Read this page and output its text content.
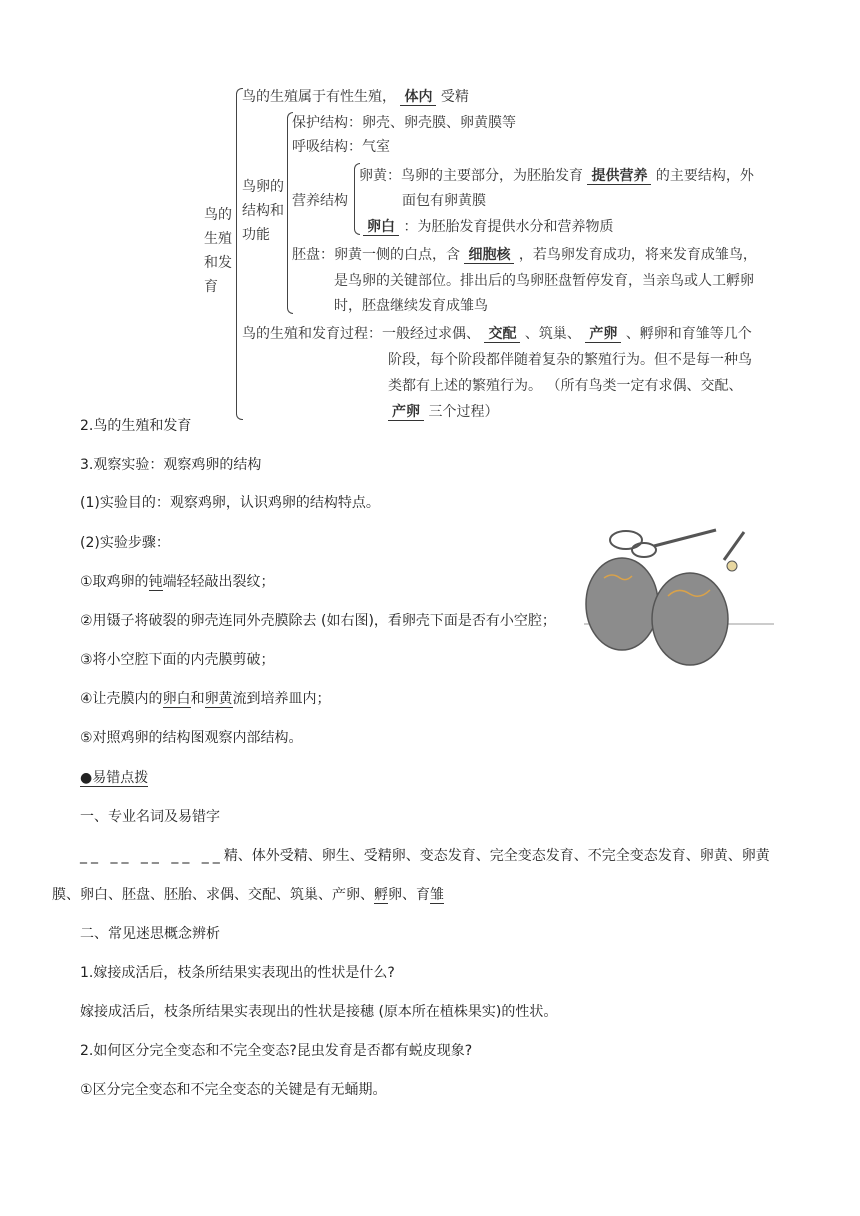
鸟的
生殖
和发
育
鸟的生殖属于有性生殖， 体内 受精
鸟卵的
结构和
功能
保护结构：卵壳、卵壳膜、卵黄膜等
呼吸结构：气室
营养结构
卵黄：鸟卵的主要部分，为胚胎发育 提供营养 的主要结构，外
面包有卵黄膜
卵白 ：为胚胎发育提供水分和营养物质
胚盘：卵黄一侧的白点，含 细胞核 ，若鸟卵发育成功，将来发育成雏鸟，
是鸟卵的关键部位。排出后的鸟卵胚盘暂停发育，当亲鸟或人工孵卵
时，胚盘继续发育成雏鸟
鸟的生殖和发育过程：一般经过求偶、 交配 、筑巢、 产卵 、孵卵和育雏等几个
阶段，每个阶段都伴随着复杂的繁殖行为。但不是每一种鸟
类都有上述的繁殖行为。 （所有鸟类一定有求偶、交配、
产卵 三个过程）
2.鸟的生殖和发育
3.观察实验：观察鸡卵的结构
(1)实验目的：观察鸡卵，认识鸡卵的结构特点。
(2)实验步骤：
①取鸡卵的钝端轻轻敲出裂纹；
②用镊子将破裂的卵壳连同外壳膜除去 (如右图)，看卵壳下面是否有小空腔；
③将小空腔下面的内壳膜剪破；
④让壳膜内的卵白和卵黄流到培养皿内；
⑤对照鸡卵的结构图观察内部结构。
●易错点拨
一、专业名词及易错字
__ __ __ __ __精、体外受精、卵生、受精卵、变态发育、完全变态发育、不完全变态发育、卵黄、卵黄
膜、卵白、胚盘、胚胎、求偶、交配、筑巢、产卵、孵卵、育雏
二、常见迷思概念辨析
1.嫁接成活后，枝条所结果实表现出的性状是什么?
嫁接成活后，枝条所结果实表现出的性状是接穗 (原本所在植株果实)的性状。
2.如何区分完全变态和不完全变态?昆虫发育是否都有蜕皮现象?
①区分完全变态和不完全变态的关键是有无蛹期。
